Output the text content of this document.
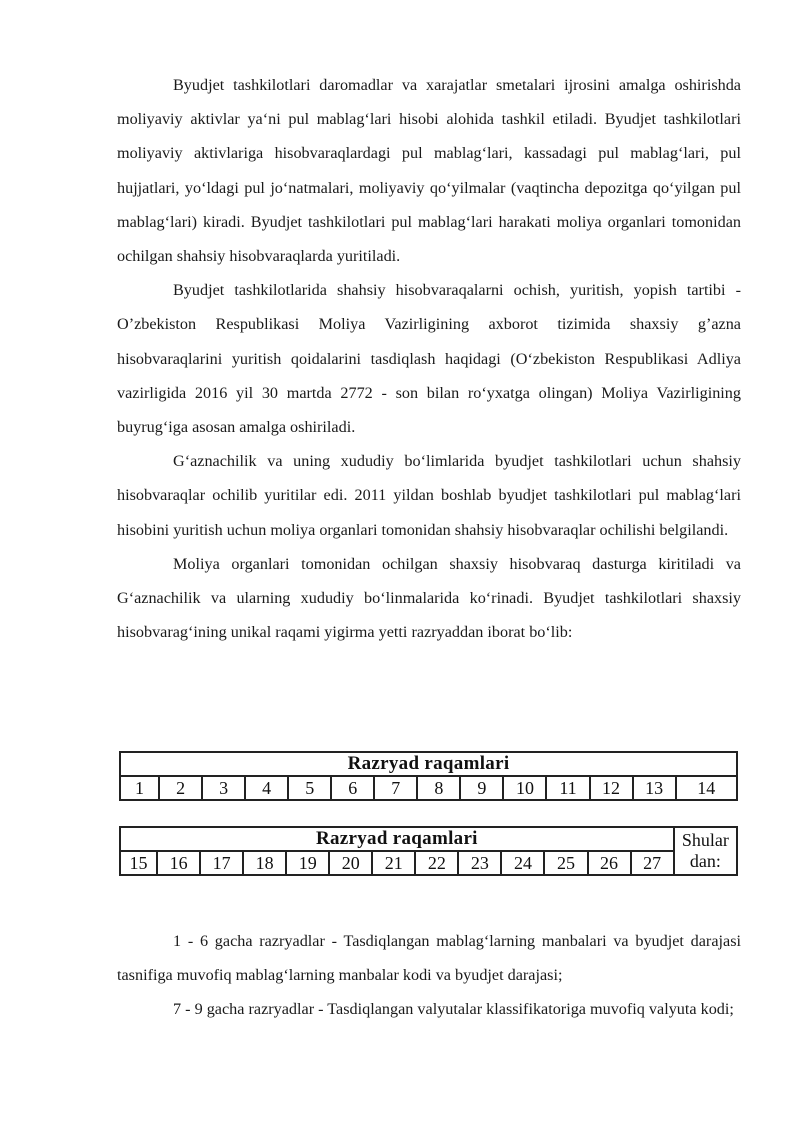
Byudjet tashkilotlari daromadlar va xarajatlar smetalari ijrosini amalga oshirishda moliyaviy aktivlar ya‘ni pul mablag‘lari hisobi alohida tashkil etiladi. Byudjet tashkilotlari moliyaviy aktivlariga hisobvaraqlardagi pul mablag‘lari, kassadagi pul mablag‘lari, pul hujjatlari, yo‘ldagi pul jo‘natmalari, moliyaviy qo‘yilmalar (vaqtincha depozitga qo‘yilgan pul mablag‘lari) kiradi. Byudjet tashkilotlari pul mablag‘lari harakati moliya organlari tomonidan ochilgan shahsiy hisobvaraqlarda yuritiladi.

Byudjet tashkilotlarida shahsiy hisobvaraqalarni ochish, yuritish, yopish tartibi - O’zbekiston Respublikasi Moliya Vazirligining axborot tizimida shaxsiy g’azna hisobvaraqlarini yuritish qoidalarini tasdiqlash haqidagi (O‘zbekiston Respublikasi Adliya vazirligida 2016 yil 30 martda 2772 - son bilan ro‘yxatga olingan) Moliya Vazirligining buyrug‘iga asosan amalga oshiriladi.

G‘aznachilik va uning xududiy bo‘limlarida byudjet tashkilotlari uchun shahsiy hisobvaraqlar ochilib yuritilar edi. 2011 yildan boshlab byudjet tashkilotlari pul mablag‘lari hisobini yuritish uchun moliya organlari tomonidan shahsiy hisobvaraqlar ochilishi belgilandi.

Moliya organlari tomonidan ochilgan shaxsiy hisobvaraq dasturga kiritiladi va G‘aznachilik va ularning xududiy bo‘linmalarida ko‘rinadi. Byudjet tashkilotlari shaxsiy hisobvarag‘ining unikal raqami yigirma yetti razryaddan iborat bo‘lib:

Razryad raqamlari
1	2	3	4	5	6	7	8	9	10	11	12	13	14
Razryad raqamlari													Shular
dan:
15	16	17	18	19	20	21	22	23	24	25	26	27	

1 - 6 gacha razryadlar - Tasdiqlangan mablag‘larning manbalari va byudjet darajasi tasnifiga muvofiq mablag‘larning manbalar kodi va byudjet darajasi;

7 - 9 gacha razryadlar - Tasdiqlangan valyutalar klassifikatoriga muvofiq valyuta kodi;
